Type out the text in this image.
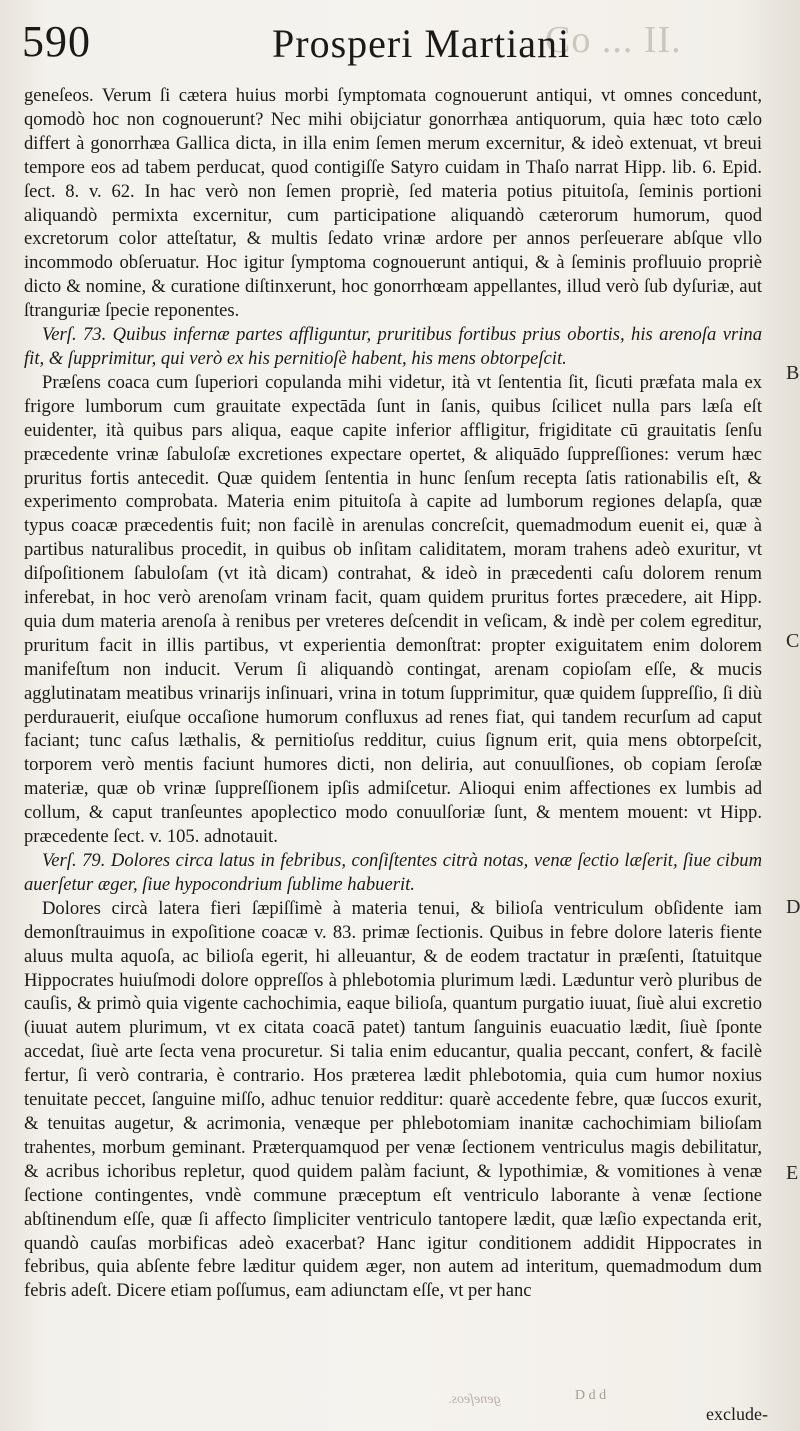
Co ... II.
590	Prosperi Martiani

geneſeos. Verum ſi cætera huius morbi ſymptomata cognouerunt antiqui, vt omnes concedunt, qomodò hoc non cognouerunt? Nec mihi obijciatur gonorrhæa antiquorum, quia hæc toto cælo differt à gonorrhæa Gallica dicta, in illa enim ſemen merum excernitur, & ideò extenuat, vt breui tempore eos ad tabem perducat, quod contigiſſe Satyro cuidam in Thaſo narrat Hipp. lib. 6. Epid. ſect. 8. v. 62. In hac verò non ſemen propriè, ſed materia potius pituitoſa, ſeminis portioni aliquandò permixta excernitur, cum participatione aliquandò cæterorum humorum, quod excretorum color atteſtatur, & multis ſedato vrinæ ardore per annos perſeuerare abſque vllo incommodo obſeruatur. Hoc igitur ſymptoma cognouerunt antiqui, & à ſeminis profluuio propriè dicto & nomine, & curatione diſtinxerunt, hoc gonorrhœam appellantes, illud verò ſub dyſuriæ, aut ſtranguriæ ſpecie reponentes.

Verſ. 73. Quibus infernæ partes affliguntur, pruritibus fortibus prius obortis, his arenoſa vrina fit, & ſupprimitur, qui verò ex his pernitioſè habent, his mens obtorpeſcit.

Præſens coaca cum ſuperiori copulanda mihi videtur, ità vt ſententia ſit, ſicuti præfata mala ex frigore lumborum cum grauitate expectāda ſunt in ſanis, quibus ſcilicet nulla pars læſa eſt euidenter, ità quibus pars aliqua, eaque capite inferior affligitur, frigiditate cū grauitatis ſenſu præcedente vrinæ ſabuloſæ excretiones expectare opertet, & aliquādo ſuppreſſiones: verum hæc pruritus fortis antecedit. Quæ quidem ſententia in hunc ſenſum recepta ſatis rationabilis eſt, & experimento comprobata. Materia enim pituitoſa à capite ad lumborum regiones delapſa, quæ typus coacæ præcedentis fuit; non facilè in arenulas concreſcit, quemadmodum euenit ei, quæ à partibus naturalibus procedit, in quibus ob inſitam caliditatem, moram trahens adeò exuritur, vt diſpoſitionem ſabuloſam (vt ità dicam) contrahat, & ideò in præcedenti caſu dolorem renum inferebat, in hoc verò arenoſam vrinam facit, quam quidem pruritus fortes præcedere, ait Hipp. quia dum materia arenoſa à renibus per vreteres deſcendit in veſicam, & indè per colem egreditur, pruritum facit in illis partibus, vt experientia demonſtrat: propter exiguitatem enim dolorem manifeſtum non inducit. Verum ſi aliquandò contingat, arenam copioſam eſſe, & mucis agglutinatam meatibus vrinarijs inſinuari, vrina in totum ſupprimitur, quæ quidem ſuppreſſio, ſi diù perdurauerit, eiuſque occaſione humorum confluxus ad renes fiat, qui tandem recurſum ad caput faciant; tunc caſus læthalis, & pernitioſus redditur, cuius ſignum erit, quia mens obtorpeſcit, torporem verò mentis faciunt humores dicti, non deliria, aut conuulſiones, ob copiam ſeroſæ materiæ, quæ ob vrinæ ſuppreſſionem ipſis admiſcetur. Alioqui enim affectiones ex lumbis ad collum, & caput tranſeuntes apoplectico modo conuulſoriæ ſunt, & mentem mouent: vt Hipp. præcedente ſect. v. 105. adnotauit.

Verſ. 79. Dolores circa latus in febribus, conſiſtentes citrà notas, venæ ſectio læſerit, ſiue cibum auerſetur æger, ſiue hypocondrium ſublime habuerit.

Dolores circà latera fieri ſæpiſſimè à materia tenui, & bilioſa ventriculum obſidente iam demonſtrauimus in expoſitione coacæ v. 83. primæ ſectionis. Quibus in febre dolore lateris fiente aluus multa aquoſa, ac bilioſa egerit, hi alleuantur, & de eodem tractatur in præſenti, ſtatuitque Hippocrates huiuſmodi dolore oppreſſos à phlebotomia plurimum lædi. Læduntur verò pluribus de cauſis, & primò quia vigente cachochimia, eaque bilioſa, quantum purgatio iuuat, ſiuè alui excretio (iuuat autem plurimum, vt ex citata coacā patet) tantum ſanguinis euacuatio lædit, ſiuè ſponte accedat, ſiuè arte ſecta vena procuretur. Si talia enim educantur, qualia peccant, confert, & facilè fertur, ſi verò contraria, è contrario. Hos præterea lædit phlebotomia, quia cum humor noxius tenuitate peccet, ſanguine miſſo, adhuc tenuior redditur: quarè accedente febre, quæ ſuccos exurit, & tenuitas augetur, & acrimonia, venæque per phlebotomiam inanitæ cachochimiam bilioſam trahentes, morbum geminant. Præterquamquod per venæ ſectionem ventriculus magis debilitatur, & acribus ichoribus repletur, quod quidem palàm faciunt, & lypothimiæ, & vomitiones à venæ ſectione contingentes, vndè commune præceptum eſt ventriculo laborante à venæ ſectione abſtinendum eſſe, quæ ſi affecto ſimpliciter ventriculo tantopere lædit, quæ læſio expectanda erit, quandò cauſas morbificas adeò exacerbat? Hanc igitur conditionem addidit Hippocrates in febribus, quia abſente febre læditur quidem æger, non autem ad interitum, quemadmodum dum febris adeſt. Dicere etiam poſſumus, eam adiunctam eſſe, vt per hanc

B
C
D
E
geneſeos.	D d d
exclude-
